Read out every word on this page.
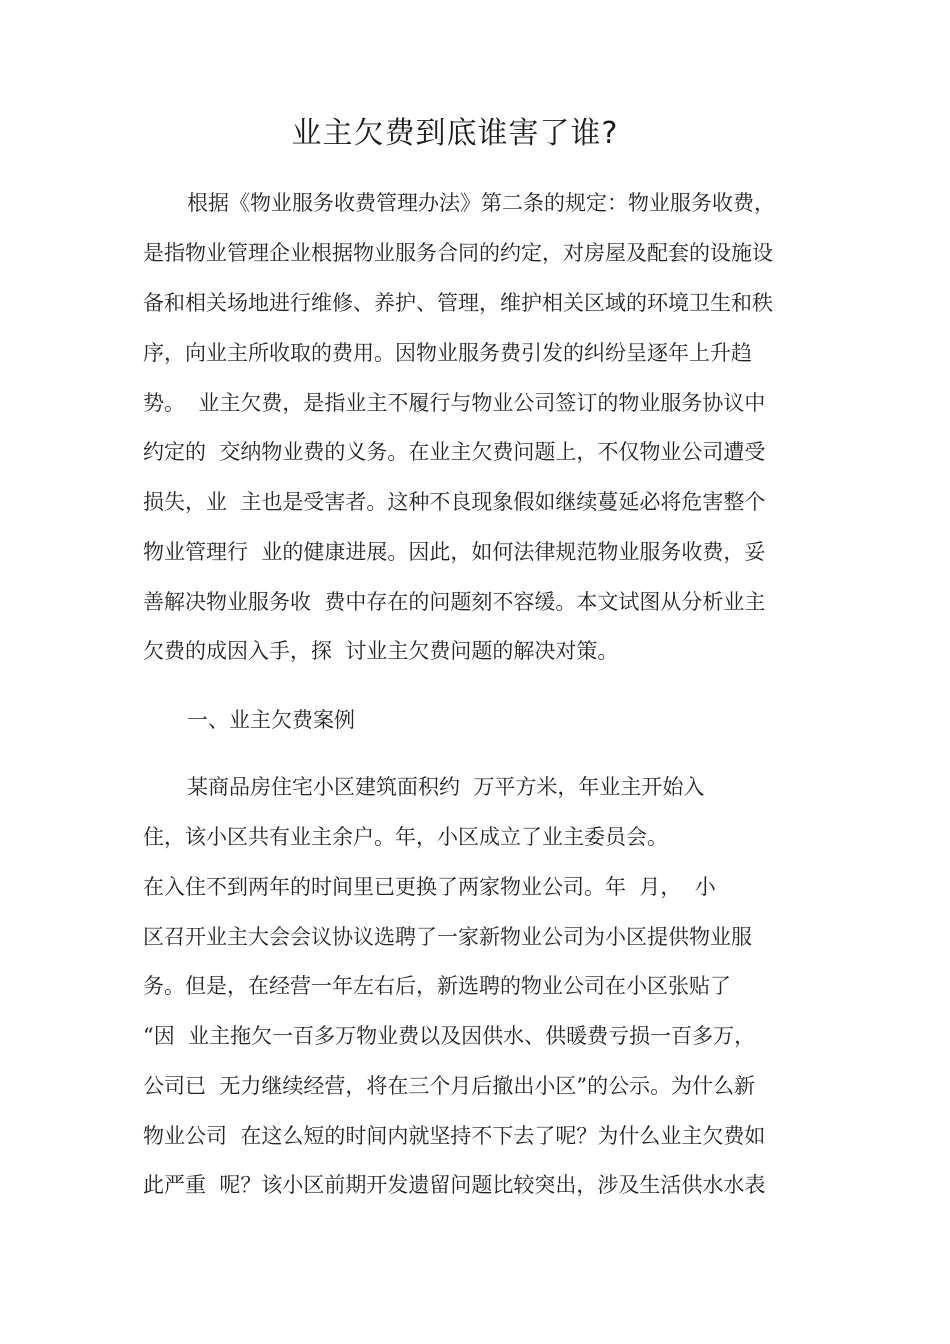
业主欠费到底谁害了谁?

根据《物业服务收费管理办法》第二条的规定：物业服务收费，

是指物业管理企业根据物业服务合同的约定，对房屋及配套的设施设

备和相关场地进行维修、养护、管理，维护相关区域的环境卫生和秩

序，向业主所收取的费用。因物业服务费引发的纠纷呈逐年上升趋

势。  业主欠费，是指业主不履行与物业公司签订的物业服务协议中

约定的  交纳物业费的义务。在业主欠费问题上，不仅物业公司遭受

损失，业  主也是受害者。这种不良现象假如继续蔓延必将危害整个

物业管理行  业的健康进展。因此，如何法律规范物业服务收费，妥

善解决物业服务收  费中存在的问题刻不容缓。本文试图从分析业主

欠费的成因入手，探  讨业主欠费问题的解决对策。

一、业主欠费案例

某商品房住宅小区建筑面积约  万平方米，年业主开始入

住，该小区共有业主余户。年，小区成立了业主委员会。

在入住不到两年的时间里已更换了两家物业公司。年  月，  小

区召开业主大会会议协议选聘了一家新物业公司为小区提供物业服

务。但是，在经营一年左右后，新选聘的物业公司在小区张贴了

“因  业主拖欠一百多万物业费以及因供水、供暖费亏损一百多万，

公司已  无力继续经营，将在三个月后撤出小区”的公示。为什么新

物业公司  在这么短的时间内就坚持不下去了呢？为什么业主欠费如

此严重  呢？该小区前期开发遗留问题比较突出，涉及生活供水水表
